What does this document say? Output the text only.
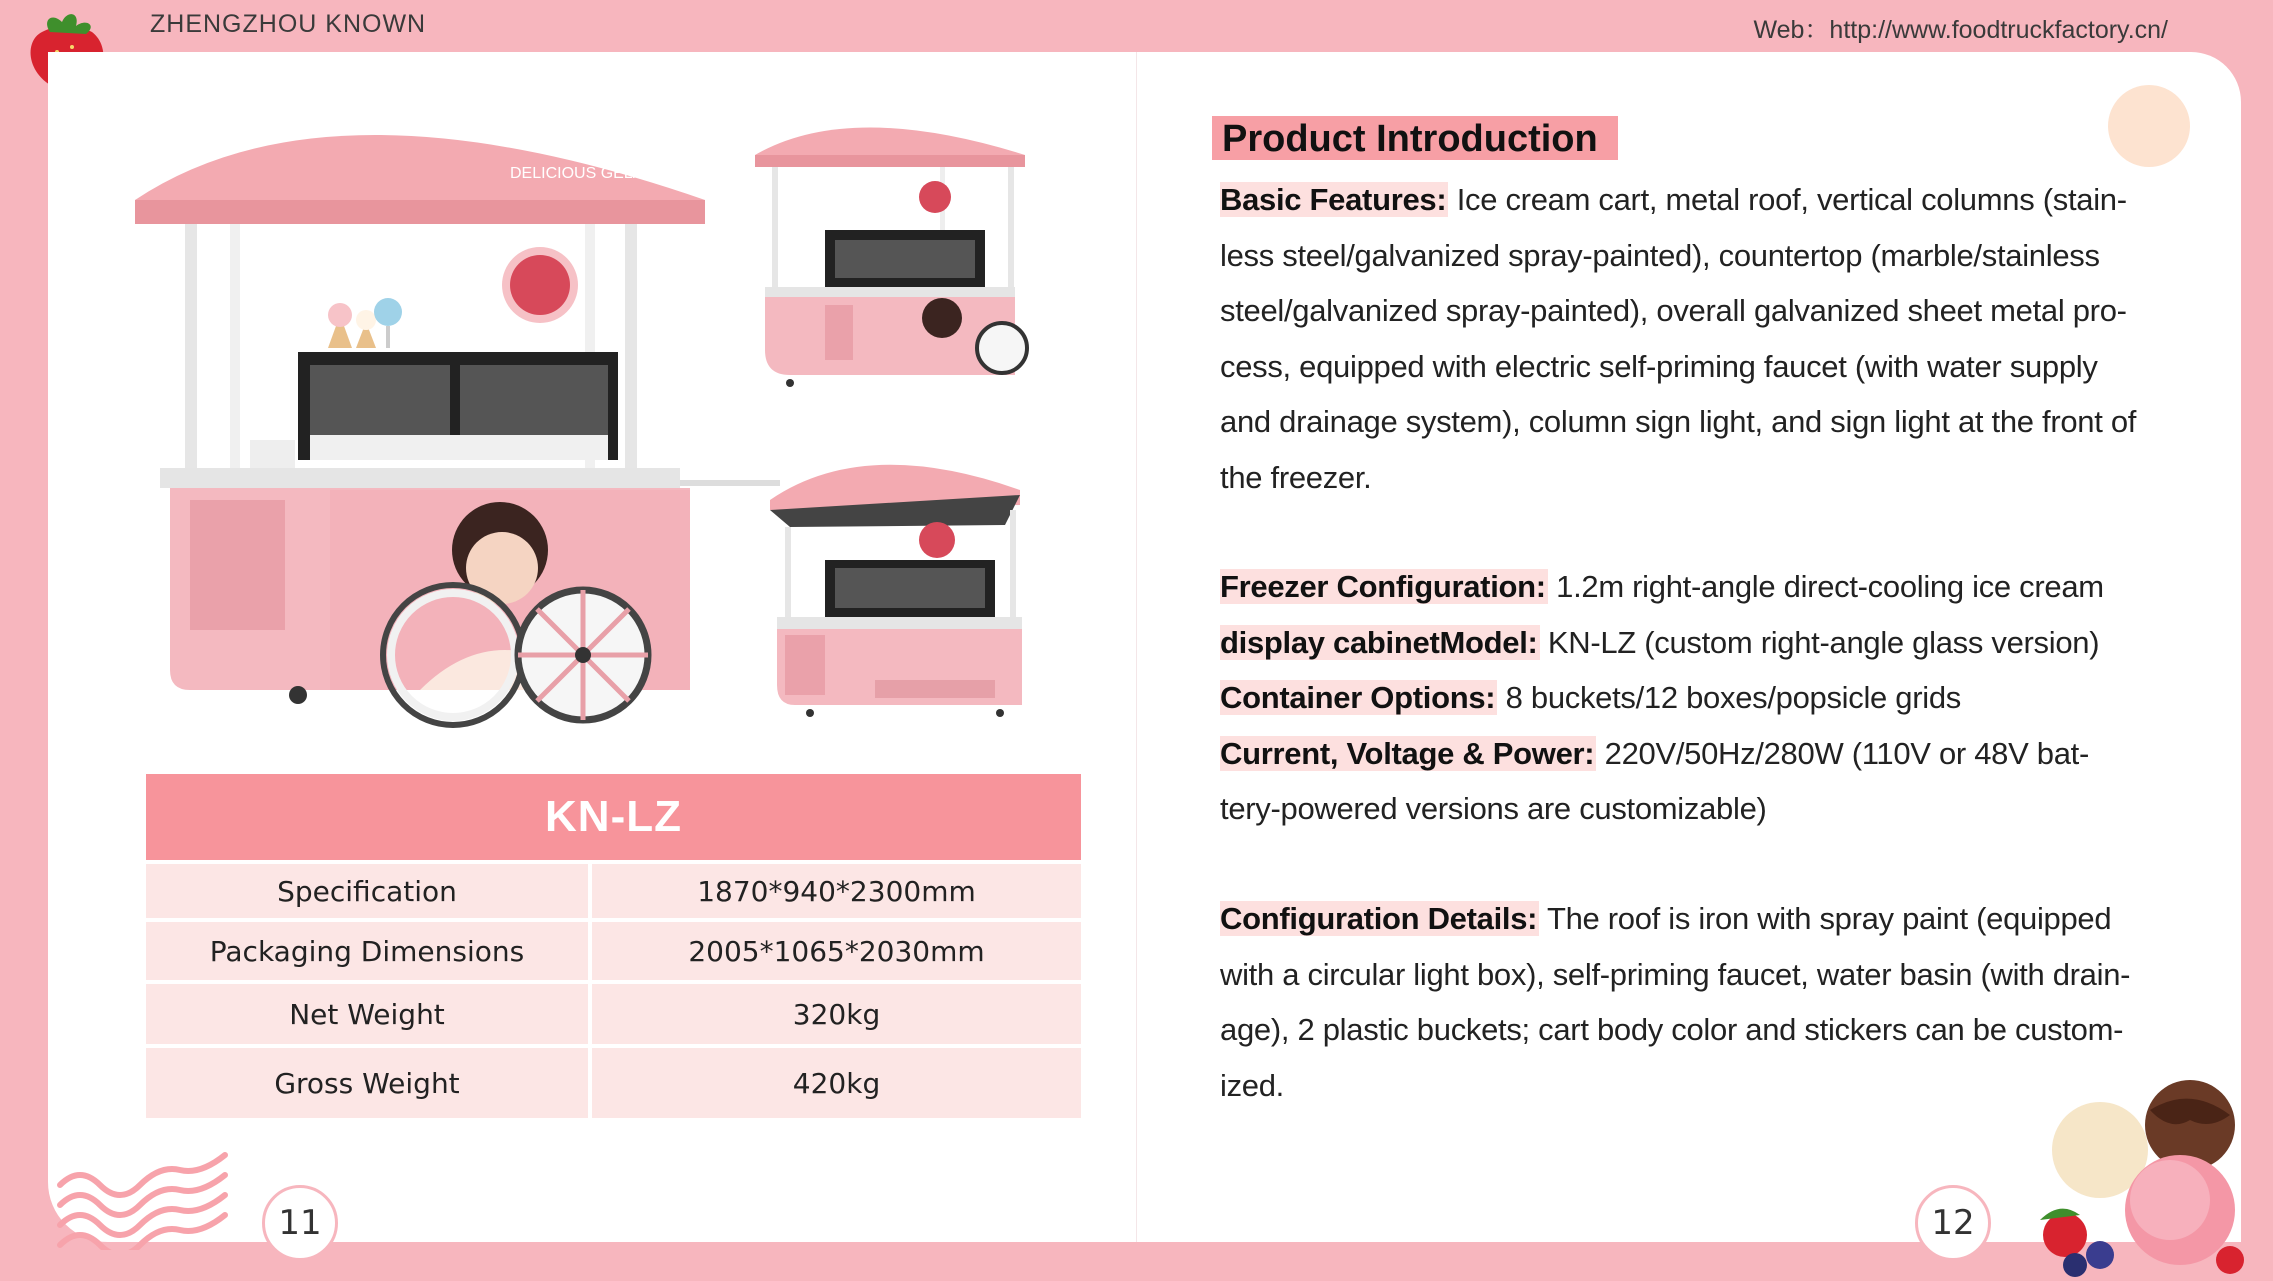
ZHENGZHOU KNOWN	Web：http://www.foodtruckfactory.cn/
DELICIOUS GELATO
KN-LZ
Specification	1870*940*2300mm
Packaging Dimensions	2005*1065*2030mm
Net Weight	320kg
Gross Weight	420kg
11	12
Product Introduction
Basic Features: Ice cream cart, metal roof, vertical columns (stain-
less steel/galvanized spray-painted), countertop (marble/stainless
steel/galvanized spray-painted), overall galvanized sheet metal pro-
cess, equipped with electric self-priming faucet (with water supply
and drainage system), column sign light, and sign light at the front of
the freezer.
Freezer Configuration: 1.2m right-angle direct-cooling ice cream
display cabinetModel: KN-LZ (custom right-angle glass version)
Container Options: 8 buckets/12 boxes/popsicle grids
Current, Voltage & Power: 220V/50Hz/280W (110V or 48V bat-
tery-powered versions are customizable)
Configuration Details: The roof is iron with spray paint (equipped
with a circular light box), self-priming faucet, water basin (with drain-
age), 2 plastic buckets; cart body color and stickers can be custom-
ized.
